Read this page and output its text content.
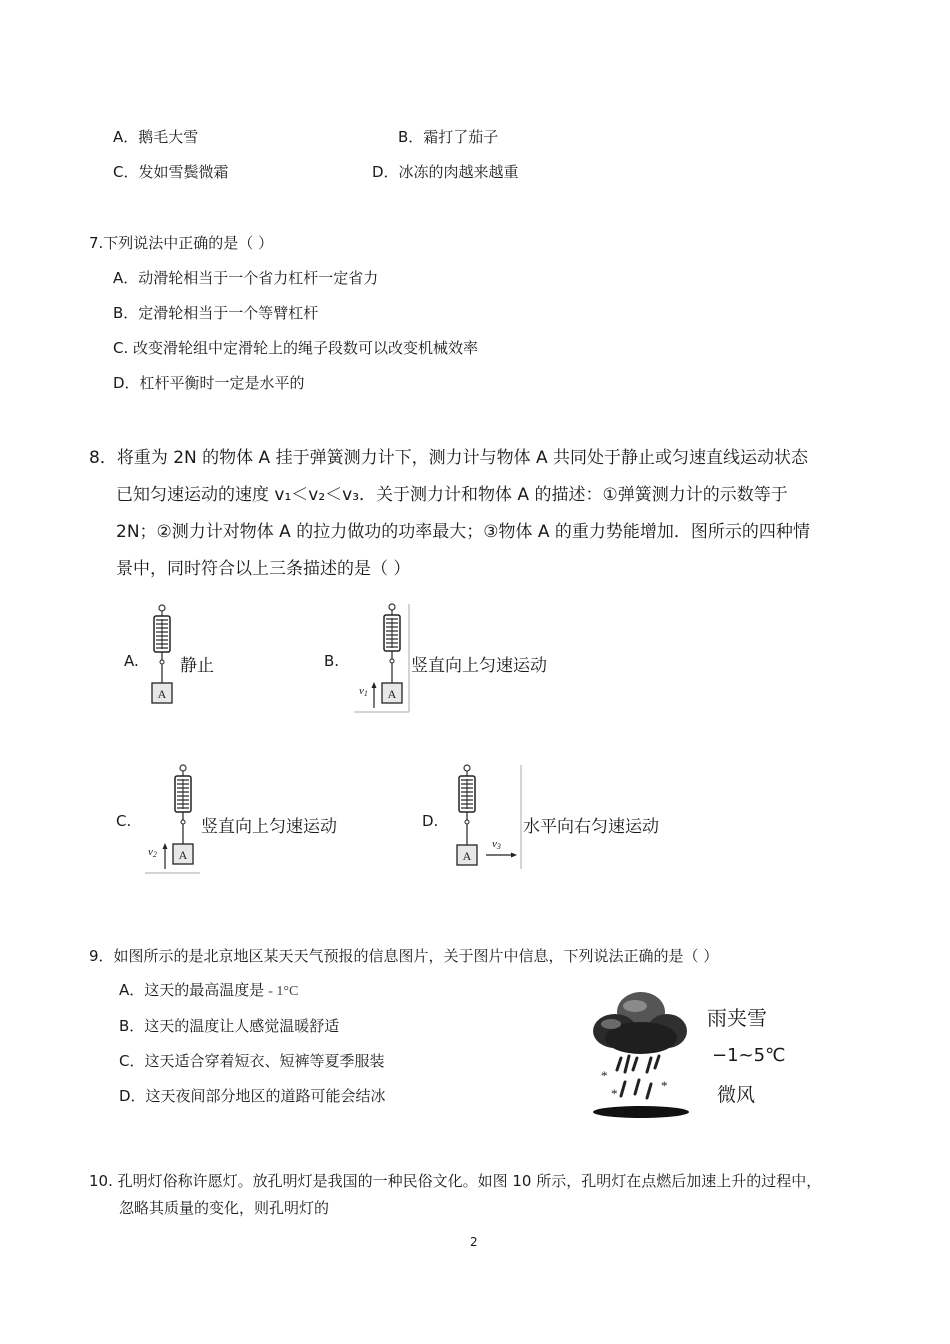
A．鹅毛大雪	B．霜打了茄子
C．发如雪鬓微霜	D．冰冻的肉越来越重
7.下列说法中正确的是（ ）
A．动滑轮相当于一个省力杠杆一定省力
B．定滑轮相当于一个等臂杠杆
C. 改变滑轮组中定滑轮上的绳子段数可以改变机械效率
D．杠杆平衡时一定是水平的
8．将重为 2N 的物体 A 挂于弹簧测力计下，测力计与物体 A 共同处于静止或匀速直线运动状态
已知匀速运动的速度 v₁＜v₂＜v₃．关于测力计和物体 A 的描述：①弹簧测力计的示数等于
2N；②测力计对物体 A 的拉力做功的功率最大；③物体 A 的重力势能增加．图所示的四种情
景中，同时符合以上三条描述的是（ ）
A.
A
静止	B.
A
v1
竖直向上匀速运动
C.
A
v2
竖直向上匀速运动	D.
A
v3
水平向右匀速运动
9．如图所示的是北京地区某天天气预报的信息图片，关于图片中信息，下列说法正确的是（ ）
A．这天的最高温度是 - 1°C
B．这天的温度让人感觉温暖舒适
C．这天适合穿着短衣、短裤等夏季服装
D．这天夜间部分地区的道路可能会结冰
*
*
*
雨夹雪
−1~5℃
微风
10. 孔明灯俗称许愿灯。放孔明灯是我国的一种民俗文化。如图 10 所示，孔明灯在点燃后加速上升的过程中，
忽略其质量的变化，则孔明灯的
2
